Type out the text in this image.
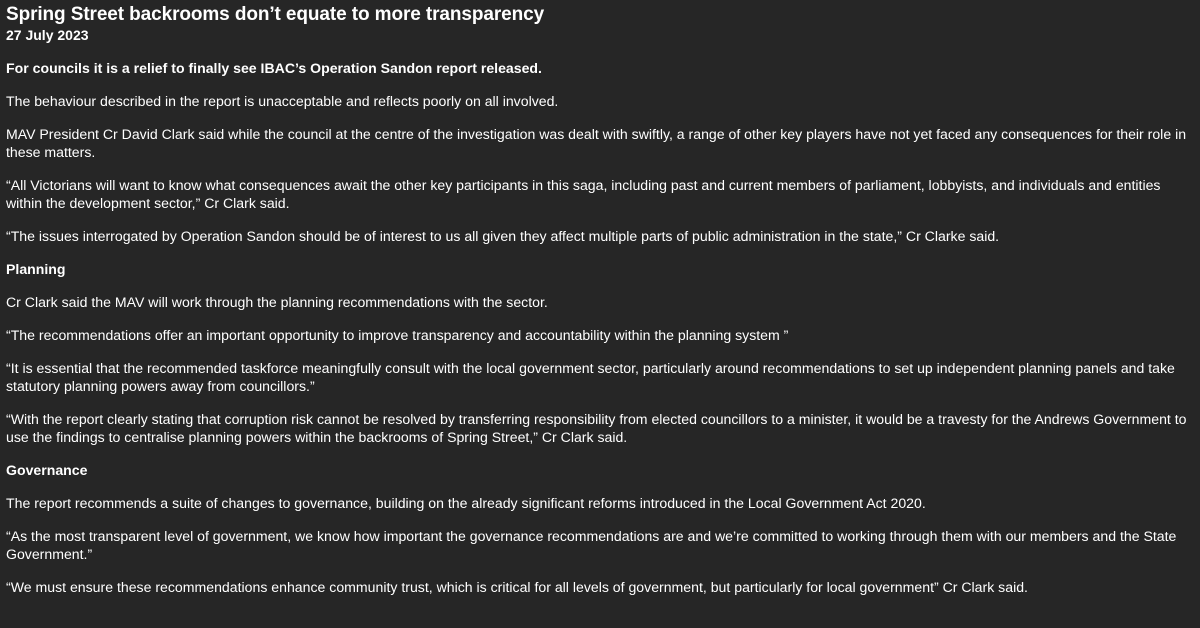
Spring Street backrooms don’t equate to more transparency
27 July 2023

For councils it is a relief to finally see IBAC’s Operation Sandon report released.

The behaviour described in the report is unacceptable and reflects poorly on all involved.

MAV President Cr David Clark said while the council at the centre of the investigation was dealt with swiftly, a range of other key players have not yet faced any consequences for their role in these matters.

“All Victorians will want to know what consequences await the other key participants in this saga, including past and current members of parliament, lobbyists, and individuals and entities within the development sector,” Cr Clark said.

“The issues interrogated by Operation Sandon should be of interest to us all given they affect multiple parts of public administration in the state,” Cr Clarke said.

Planning

Cr Clark said the MAV will work through the planning recommendations with the sector.

“The recommendations offer an important opportunity to improve transparency and accountability within the planning system ”

“It is essential that the recommended taskforce meaningfully consult with the local government sector, particularly around recommendations to set up independent planning panels and take statutory planning powers away from councillors.”

“With the report clearly stating that corruption risk cannot be resolved by transferring responsibility from elected councillors to a minister, it would be a travesty for the Andrews Government to use the findings to centralise planning powers within the backrooms of Spring Street,” Cr Clark said.

Governance

The report recommends a suite of changes to governance, building on the already significant reforms introduced in the Local Government Act 2020.

“As the most transparent level of government, we know how important the governance recommendations are and we’re committed to working through them with our members and the State Government.”

“We must ensure these recommendations enhance community trust, which is critical for all levels of government, but particularly for local government” Cr Clark said.
